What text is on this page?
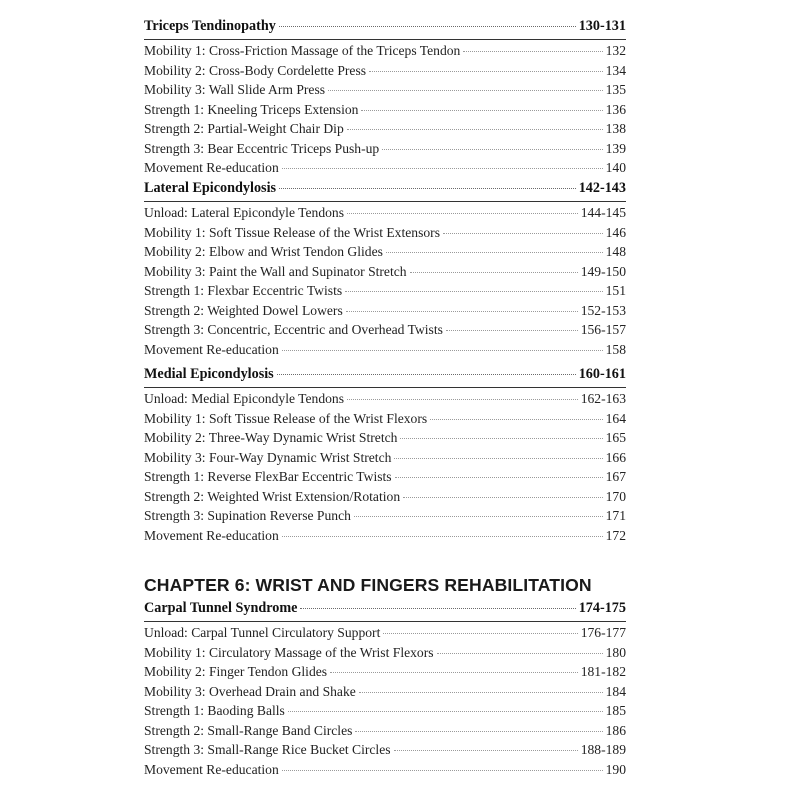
Triceps Tendinopathy	130-131
Mobility 1: Cross-Friction Massage of the Triceps Tendon	132
Mobility 2: Cross-Body Cordelette Press	134
Mobility 3: Wall Slide Arm Press	135
Strength 1: Kneeling Triceps Extension	136
Strength 2: Partial-Weight Chair Dip	138
Strength 3: Bear Eccentric Triceps Push-up	139
Movement Re-education	140
Lateral Epicondylosis	142-143
Unload: Lateral Epicondyle Tendons	144-145
Mobility 1: Soft Tissue Release of the Wrist Extensors	146
Mobility 2: Elbow and Wrist Tendon Glides	148
Mobility 3: Paint the Wall and Supinator Stretch	149-150
Strength 1: Flexbar Eccentric Twists	151
Strength 2: Weighted Dowel Lowers	152-153
Strength 3: Concentric, Eccentric and Overhead Twists	156-157
Movement Re-education	158
Medial Epicondylosis	160-161
Unload: Medial Epicondyle Tendons	162-163
Mobility 1: Soft Tissue Release of the Wrist Flexors	164
Mobility 2: Three-Way Dynamic Wrist Stretch	165
Mobility 3: Four-Way Dynamic Wrist Stretch	166
Strength 1: Reverse FlexBar Eccentric Twists	167
Strength 2: Weighted Wrist Extension/Rotation	170
Strength 3: Supination Reverse Punch	171
Movement Re-education	172
CHAPTER 6: WRIST AND FINGERS REHABILITATION
Carpal Tunnel Syndrome	174-175
Unload: Carpal Tunnel Circulatory Support	176-177
Mobility 1: Circulatory Massage of the Wrist Flexors	180
Mobility 2: Finger Tendon Glides	181-182
Mobility 3: Overhead Drain and Shake	184
Strength 1: Baoding Balls	185
Strength 2: Small-Range Band Circles	186
Strength 3: Small-Range Rice Bucket Circles	188-189
Movement Re-education	190
